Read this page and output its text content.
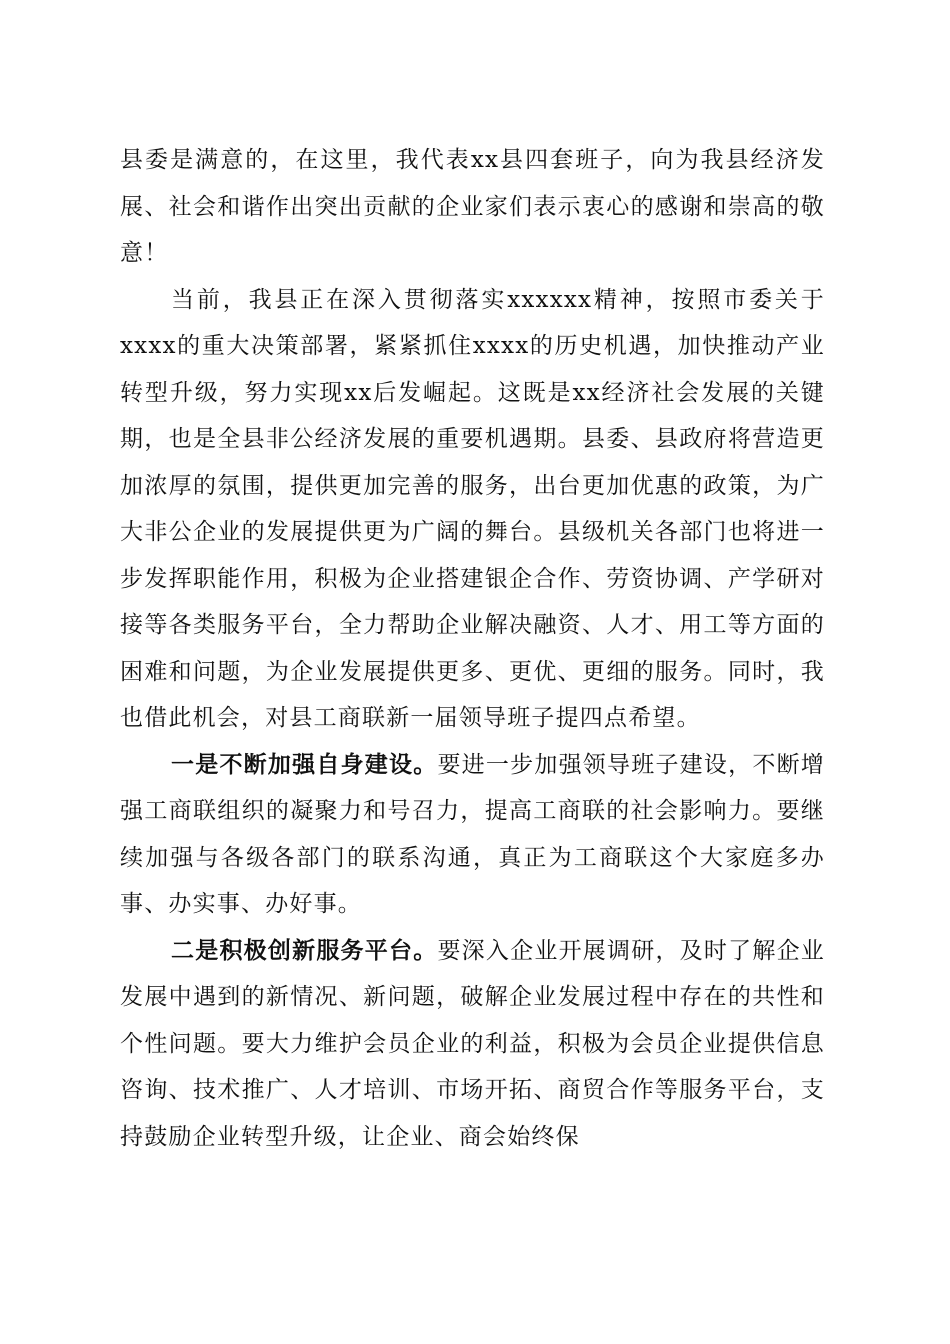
县委是满意的，在这里，我代表xx县四套班子，向为我县经济发展、社会和谐作出突出贡献的企业家们表示衷心的感谢和崇高的敬意！

当前，我县正在深入贯彻落实xxxxxx精神，按照市委关于xxxx的重大决策部署，紧紧抓住xxxx的历史机遇，加快推动产业转型升级，努力实现xx后发崛起。这既是xx经济社会发展的关键期，也是全县非公经济发展的重要机遇期。县委、县政府将营造更加浓厚的氛围，提供更加完善的服务，出台更加优惠的政策，为广大非公企业的发展提供更为广阔的舞台。县级机关各部门也将进一步发挥职能作用，积极为企业搭建银企合作、劳资协调、产学研对接等各类服务平台，全力帮助企业解决融资、人才、用工等方面的困难和问题，为企业发展提供更多、更优、更细的服务。同时，我也借此机会，对县工商联新一届领导班子提四点希望。

一是不断加强自身建设。要进一步加强领导班子建设，不断增强工商联组织的凝聚力和号召力，提高工商联的社会影响力。要继续加强与各级各部门的联系沟通，真正为工商联这个大家庭多办事、办实事、办好事。

二是积极创新服务平台。要深入企业开展调研，及时了解企业发展中遇到的新情况、新问题，破解企业发展过程中存在的共性和个性问题。要大力维护会员企业的利益，积极为会员企业提供信息咨询、技术推广、人才培训、市场开拓、商贸合作等服务平台，支持鼓励企业转型升级，让企业、商会始终保
